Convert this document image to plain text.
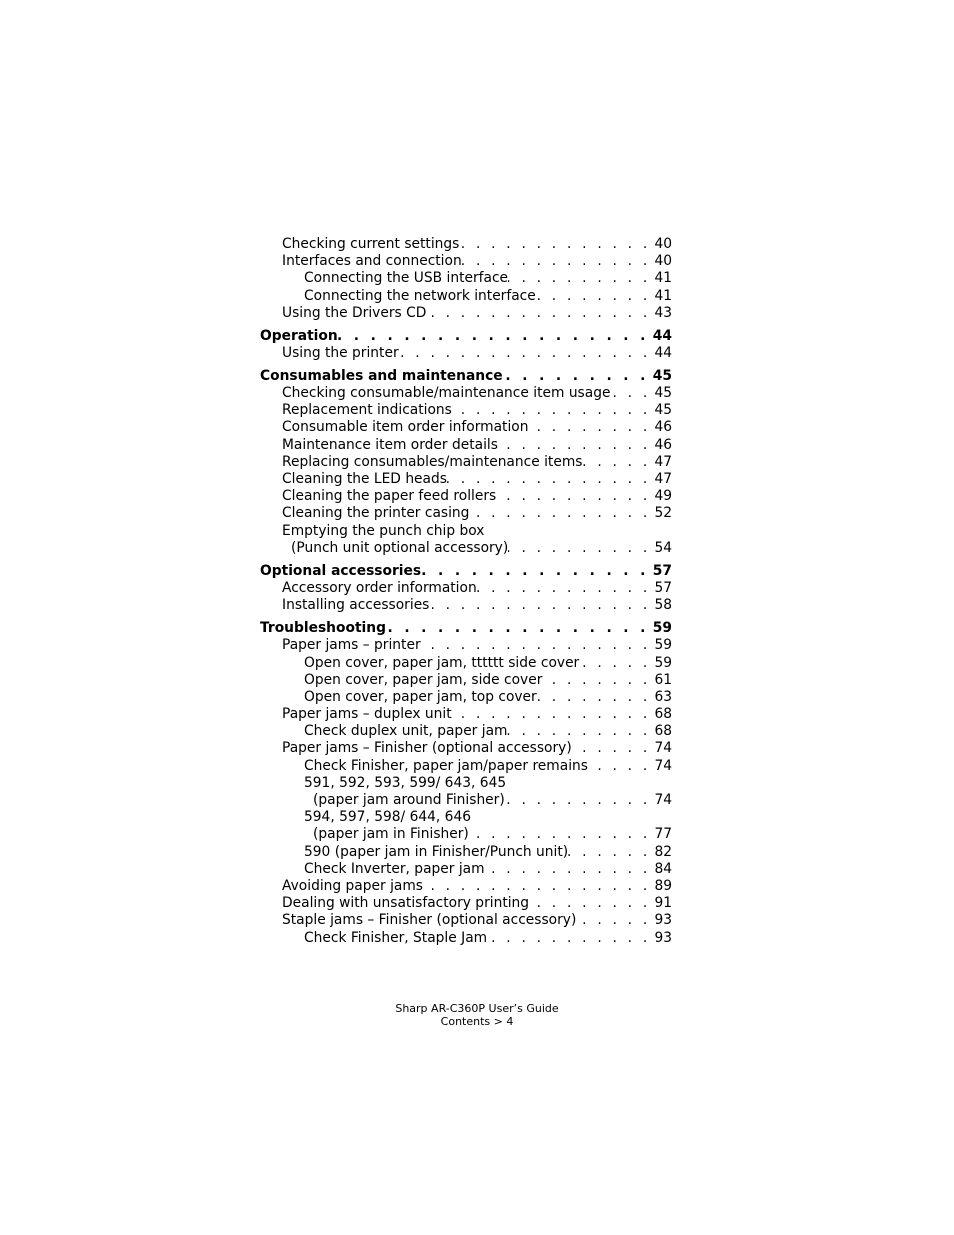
Checking current settings . . .	40
Interfaces and connection . . .	40
Connecting the USB interface . . .	41
Connecting the network interface . . .	41
Using the Drivers CD . . .	43
Operation . . .	44
Using the printer . . .	44
Consumables and maintenance . . .	45
Checking consumable/maintenance item usage . . .	45
Replacement indications . . .	45
Consumable item order information . . .	46
Maintenance item order details . . .	46
Replacing consumables/maintenance items . . .	47
Cleaning the LED heads . . .	47
Cleaning the paper feed rollers . . .	49
Cleaning the printer casing . . .	52
Emptying the punch chip box
(Punch unit optional accessory) . . .	54
Optional accessories . . .	57
Accessory order information . . .	57
Installing accessories . . .	58
Troubleshooting . . .	59
Paper jams – printer . . .	59
Open cover, paper jam, tttttt side cover . . .	59
Open cover, paper jam, side cover . . .	61
Open cover, paper jam, top cover . . .	63
Paper jams – duplex unit . . .	68
Check duplex unit, paper jam . . .	68
Paper jams – Finisher (optional accessory) . . .	74
Check Finisher, paper jam/paper remains . . .	74
591, 592, 593, 599/ 643, 645
(paper jam around Finisher) . . .	74
594, 597, 598/ 644, 646
(paper jam in Finisher) . . .	77
590 (paper jam in Finisher/Punch unit) . . .	82
Check Inverter, paper jam . . .	84
Avoiding paper jams . . .	89
Dealing with unsatisfactory printing . . .	91
Staple jams – Finisher (optional accessory) . . .	93
Check Finisher, Staple Jam . . .	93
Sharp AR-C360P User’s Guide
Contents > 4
